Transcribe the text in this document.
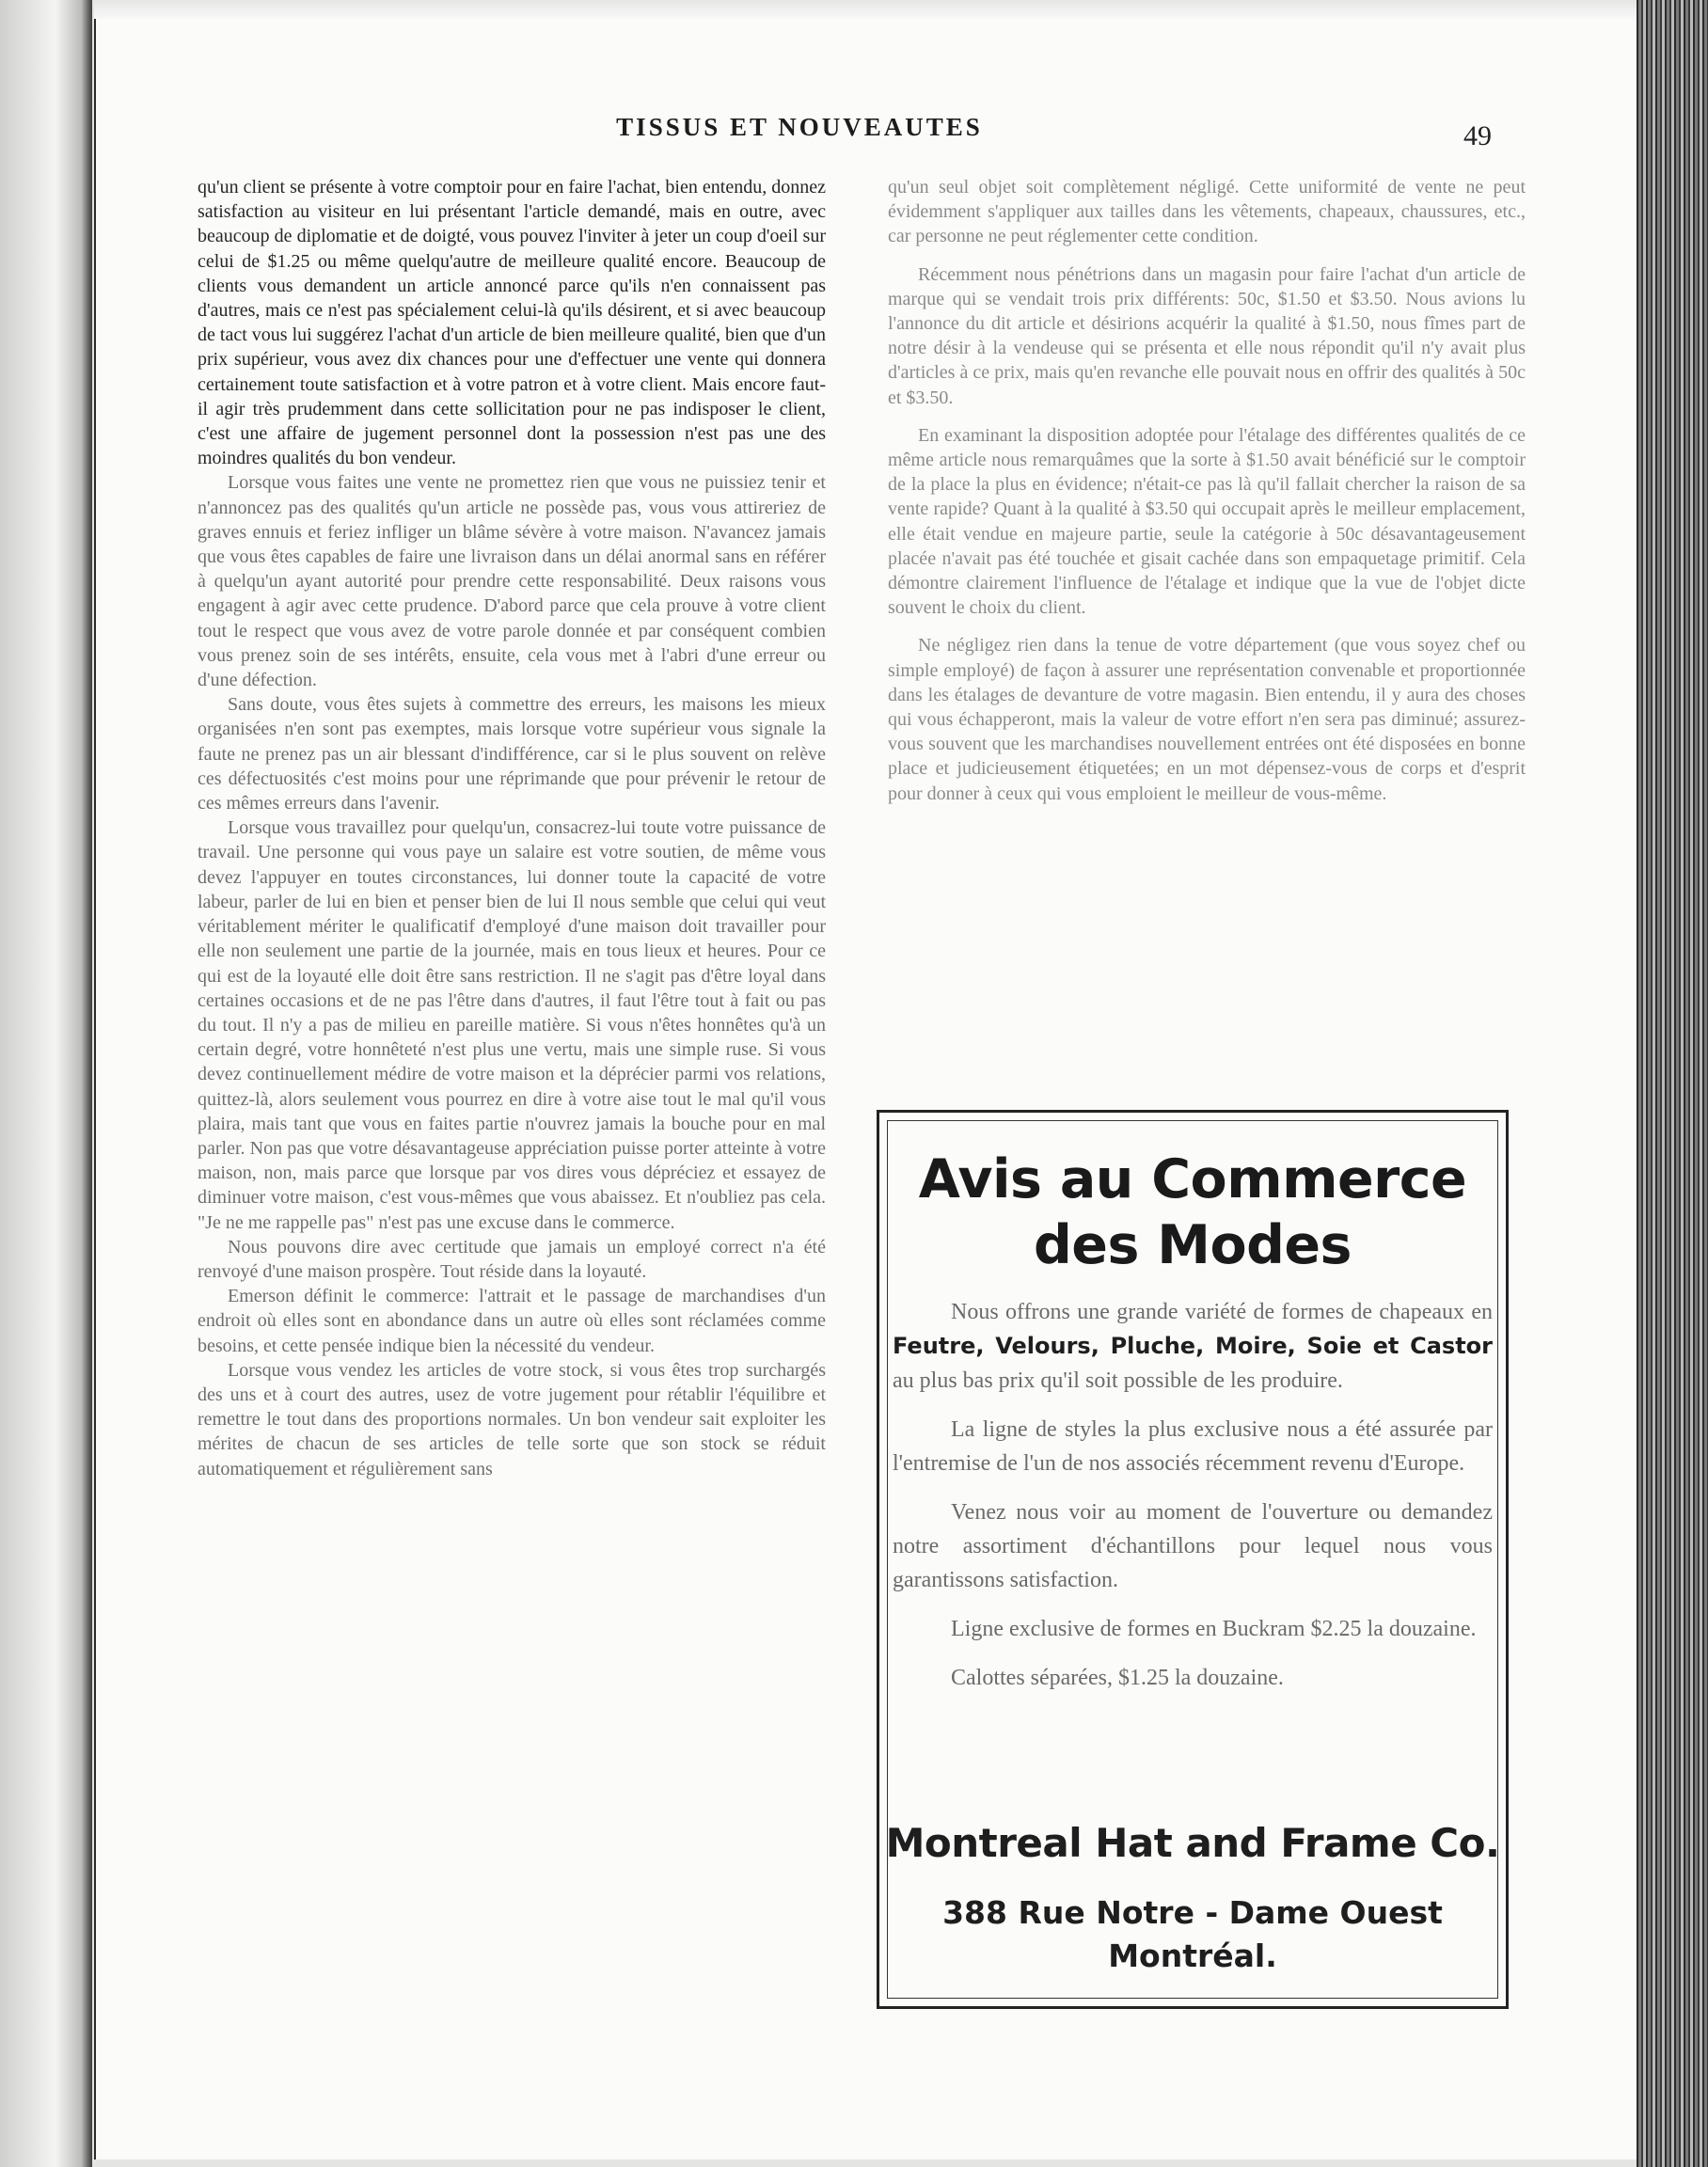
TISSUS ET NOUVEAUTES	49

qu'un client se présente à votre comptoir pour en faire l'achat, bien entendu, donnez satisfaction au visiteur en lui présentant l'article demandé, mais en outre, avec beaucoup de diplomatie et de doigté, vous pouvez l'inviter à jeter un coup d'oeil sur celui de $1.25 ou même quelqu'autre de meilleure qualité encore. Beaucoup de clients vous demandent un article annoncé parce qu'ils n'en connaissent pas d'autres, mais ce n'est pas spécialement celui-là qu'ils désirent, et si avec beaucoup de tact vous lui suggérez l'achat d'un article de bien meilleure qualité, bien que d'un prix supérieur, vous avez dix chances pour une d'effectuer une vente qui donnera certainement toute satisfaction et à votre patron et à votre client. Mais encore faut-il agir très prudemment dans cette sollicitation pour ne pas indisposer le client, c'est une affaire de jugement personnel dont la possession n'est pas une des moindres qualités du bon vendeur.

Lorsque vous faites une vente ne promettez rien que vous ne puissiez tenir et n'annoncez pas des qualités qu'un article ne possède pas, vous vous attireriez de graves ennuis et feriez infliger un blâme sévère à votre maison. N'avancez jamais que vous êtes capables de faire une livraison dans un délai anormal sans en référer à quelqu'un ayant autorité pour prendre cette responsabilité. Deux raisons vous engagent à agir avec cette prudence. D'abord parce que cela prouve à votre client tout le respect que vous avez de votre parole donnée et par conséquent combien vous prenez soin de ses intérêts, ensuite, cela vous met à l'abri d'une erreur ou d'une défection.

Sans doute, vous êtes sujets à commettre des erreurs, les maisons les mieux organisées n'en sont pas exemptes, mais lorsque votre supérieur vous signale la faute ne prenez pas un air blessant d'indifférence, car si le plus souvent on relève ces défectuosités c'est moins pour une réprimande que pour prévenir le retour de ces mêmes erreurs dans l'avenir.

Lorsque vous travaillez pour quelqu'un, consacrez-lui toute votre puissance de travail. Une personne qui vous paye un salaire est votre soutien, de même vous devez l'appuyer en toutes circonstances, lui donner toute la capacité de votre labeur, parler de lui en bien et penser bien de lui Il nous semble que celui qui veut véritablement mériter le qualificatif d'employé d'une maison doit travailler pour elle non seulement une partie de la journée, mais en tous lieux et heures. Pour ce qui est de la loyauté elle doit être sans restriction. Il ne s'agit pas d'être loyal dans certaines occasions et de ne pas l'être dans d'autres, il faut l'être tout à fait ou pas du tout. Il n'y a pas de milieu en pareille matière. Si vous n'êtes honnêtes qu'à un certain degré, votre honnêteté n'est plus une vertu, mais une simple ruse. Si vous devez continuellement médire de votre maison et la déprécier parmi vos relations, quittez-là, alors seulement vous pourrez en dire à votre aise tout le mal qu'il vous plaira, mais tant que vous en faites partie n'ouvrez jamais la bouche pour en mal parler. Non pas que votre désavantageuse appréciation puisse porter atteinte à votre maison, non, mais parce que lorsque par vos dires vous dépréciez et essayez de diminuer votre maison, c'est vous-mêmes que vous abaissez. Et n'oubliez pas cela. "Je ne me rappelle pas" n'est pas une excuse dans le commerce.

Nous pouvons dire avec certitude que jamais un employé correct n'a été renvoyé d'une maison prospère. Tout réside dans la loyauté.

Emerson définit le commerce: l'attrait et le passage de marchandises d'un endroit où elles sont en abondance dans un autre où elles sont réclamées comme besoins, et cette pensée indique bien la nécessité du vendeur.

Lorsque vous vendez les articles de votre stock, si vous êtes trop surchargés des uns et à court des autres, usez de votre jugement pour rétablir l'équilibre et remettre le tout dans des proportions normales. Un bon vendeur sait exploiter les mérites de chacun de ses articles de telle sorte que son stock se réduit automatiquement et régulièrement sans

qu'un seul objet soit complètement négligé. Cette uniformité de vente ne peut évidemment s'appliquer aux tailles dans les vêtements, chapeaux, chaussures, etc., car personne ne peut réglementer cette condition.

Récemment nous pénétrions dans un magasin pour faire l'achat d'un article de marque qui se vendait trois prix différents: 50c, $1.50 et $3.50. Nous avions lu l'annonce du dit article et désirions acquérir la qualité à $1.50, nous fîmes part de notre désir à la vendeuse qui se présenta et elle nous répondit qu'il n'y avait plus d'articles à ce prix, mais qu'en revanche elle pouvait nous en offrir des qualités à 50c et $3.50.

En examinant la disposition adoptée pour l'étalage des différentes qualités de ce même article nous remarquâmes que la sorte à $1.50 avait bénéficié sur le comptoir de la place la plus en évidence; n'était-ce pas là qu'il fallait chercher la raison de sa vente rapide? Quant à la qualité à $3.50 qui occupait après le meilleur emplacement, elle était vendue en majeure partie, seule la catégorie à 50c désavantageusement placée n'avait pas été touchée et gisait cachée dans son empaquetage primitif. Cela démontre clairement l'influence de l'étalage et indique que la vue de l'objet dicte souvent le choix du client.

Ne négligez rien dans la tenue de votre département (que vous soyez chef ou simple employé) de façon à assurer une représentation convenable et proportionnée dans les étalages de devanture de votre magasin. Bien entendu, il y aura des choses qui vous échapperont, mais la valeur de votre effort n'en sera pas diminué; assurez-vous souvent que les marchandises nouvellement entrées ont été disposées en bonne place et judicieusement étiquetées; en un mot dépensez-vous de corps et d'esprit pour donner à ceux qui vous emploient le meilleur de vous-même.

Avis au Commerce
des Modes

Nous offrons une grande variété de formes de chapeaux en Feutre, Velours, Pluche, Moire, Soie et Castor au plus bas prix qu'il soit possible de les produire.

La ligne de styles la plus exclusive nous a été assurée par l'entremise de l'un de nos associés récemment revenu d'Europe.

Venez nous voir au moment de l'ouverture ou demandez notre assortiment d'échantillons pour lequel nous vous garantissons satisfaction.

Ligne exclusive de formes en Buckram $2.25 la douzaine.

Calottes séparées, $1.25 la douzaine.

Montreal Hat and Frame Co.
388 Rue Notre - Dame Ouest
Montréal.
